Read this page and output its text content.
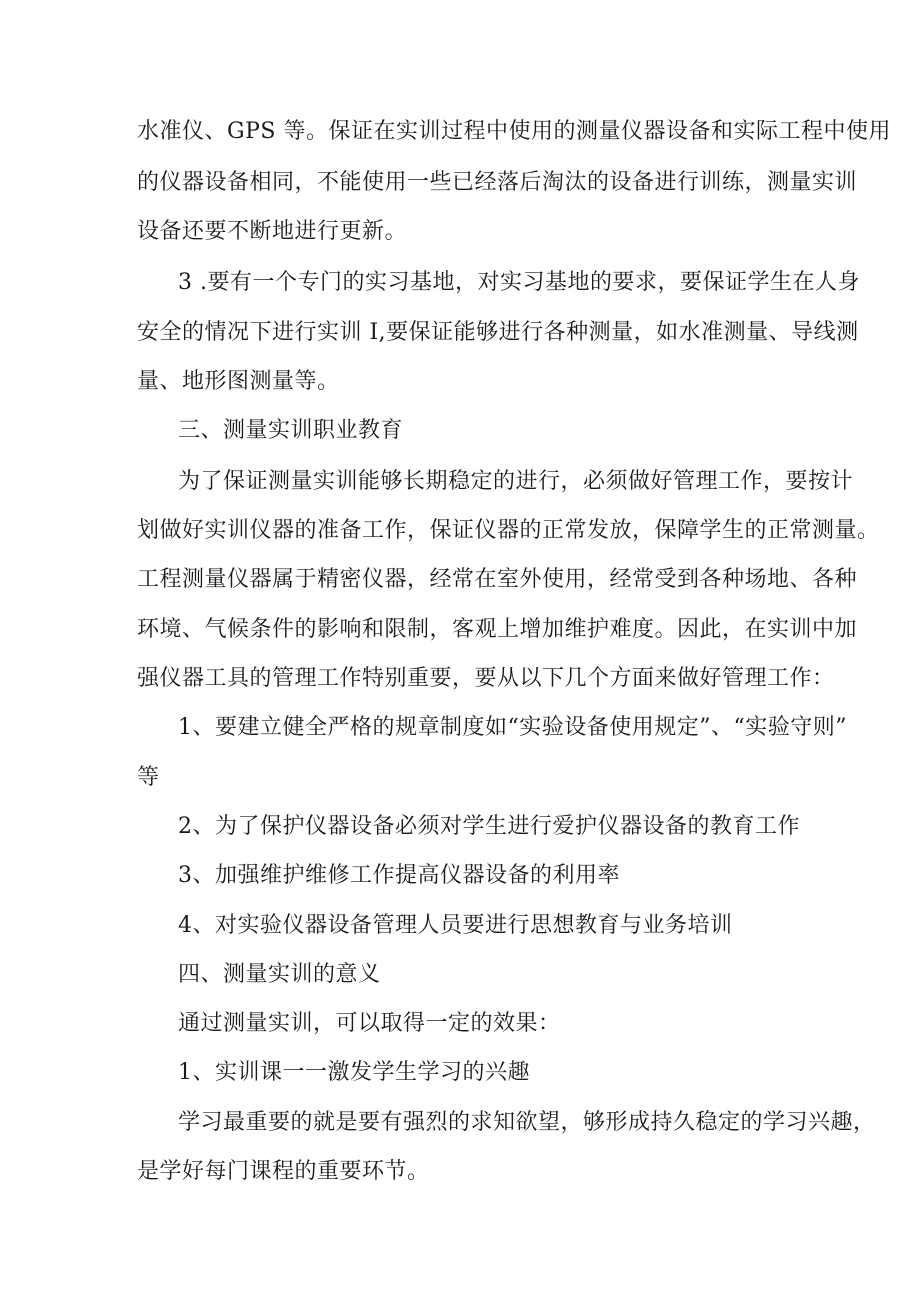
水准仪、GPS 等。保证在实训过程中使用的测量仪器设备和实际工程中使用
的仪器设备相同，不能使用一些已经落后淘汰的设备进行训练，测量实训
设备还要不断地进行更新。
3 .要有一个专门的实习基地，对实习基地的要求，要保证学生在人身
安全的情况下进行实训 I,要保证能够进行各种测量，如水准测量、导线测
量、地形图测量等。
三、测量实训职业教育
为了保证测量实训能够长期稳定的进行，必须做好管理工作，要按计
划做好实训仪器的准备工作，保证仪器的正常发放，保障学生的正常测量。
工程测量仪器属于精密仪器，经常在室外使用，经常受到各种场地、各种
环境、气候条件的影响和限制，客观上增加维护难度。因此，在实训中加
强仪器工具的管理工作特别重要，要从以下几个方面来做好管理工作：
1、要建立健全严格的规章制度如“实验设备使用规定”、“实验守则”
等
2、为了保护仪器设备必须对学生进行爱护仪器设备的教育工作
3、加强维护维修工作提高仪器设备的利用率
4、对实验仪器设备管理人员要进行思想教育与业务培训
四、测量实训的意义
通过测量实训，可以取得一定的效果：
1、实训课一一激发学生学习的兴趣
学习最重要的就是要有强烈的求知欲望，够形成持久稳定的学习兴趣，
是学好每门课程的重要环节。
